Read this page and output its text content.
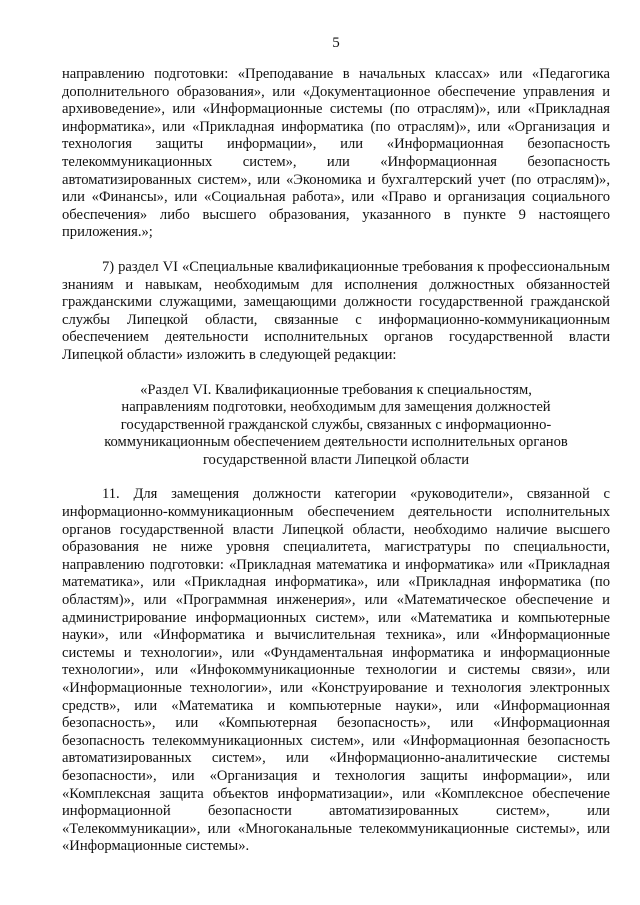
5

направлению подготовки: «Преподавание в начальных классах» или «Педагогика дополнительного образования», или «Документационное обеспечение управления и архивоведение», или «Информационные системы (по отраслям)», или «Прикладная информатика», или «Прикладная информатика (по отраслям)», или «Организация и технология защиты информации», или «Информационная безопасность телекоммуникационных систем», или «Информационная безопасность автоматизированных систем», или «Экономика и бухгалтерский учет (по отраслям)», или «Финансы», или «Социальная работа», или «Право и организация социального обеспечения» либо высшего образования, указанного в пункте 9 настоящего приложения.»;

7) раздел VI «Специальные квалификационные требования к профессиональным знаниям и навыкам, необходимым для исполнения должностных обязанностей гражданскими служащими, замещающими должности государственной гражданской службы Липецкой области, связанные с информационно-коммуникационным обеспечением деятельности исполнительных органов государственной власти Липецкой области» изложить в следующей редакции:

«Раздел VI. Квалификационные требования к специальностям,
направлениям подготовки, необходимым для замещения должностей
государственной гражданской службы, связанных с информационно-
коммуникационным обеспечением деятельности исполнительных органов
государственной власти Липецкой области

11. Для замещения должности категории «руководители», связанной с информационно-коммуникационным обеспечением деятельности исполнительных органов государственной власти Липецкой области, необходимо наличие высшего образования не ниже уровня специалитета, магистратуры по специальности, направлению подготовки: «Прикладная математика и информатика» или «Прикладная математика», или «Прикладная информатика», или «Прикладная информатика (по областям)», или «Программная инженерия», или «Математическое обеспечение и администрирование информационных систем», или «Математика и компьютерные науки», или «Информатика и вычислительная техника», или «Информационные системы и технологии», или «Фундаментальная информатика и информационные технологии», или «Инфокоммуникационные технологии и системы связи», или «Информационные технологии», или «Конструирование и технология электронных средств», или «Математика и компьютерные науки», или «Информационная безопасность», или «Компьютерная безопасность», или «Информационная безопасность телекоммуникационных систем», или «Информационная безопасность автоматизированных систем», или «Информационно-аналитические системы безопасности», или «Организация и технология защиты информации», или «Комплексная защита объектов информатизации», или «Комплексное обеспечение информационной безопасности автоматизированных систем», или «Телекоммуникации», или «Многоканальные телекоммуникационные системы», или «Информационные системы».
